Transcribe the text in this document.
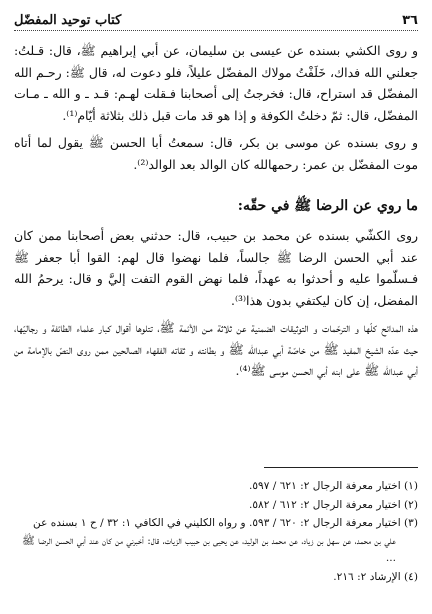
٣٦
كتاب توحيد المفضّل

و روى الكشي بسنده عن عيسى بن سليمان، عن أبي إبراهيم ﷺ، قال: قـلتُ: جعلني الله فداك، خَلَفْتُ مولاك المفضّل عليلاً، فلو دعوت له، قال ﷺ: رحـم الله المفضّل قد استراح، قال: فخرجتُ إلى أصحابنا فـقلت لهـم: قـد ـ و الله ـ مـات المفضّل، قال: ثمّ دخلتُ الكوفة و إذا هو قد مات قبل ذلك بثلاثة أيّام⁽¹⁾.

و روى بسنده عن موسى بن بكر، قال: سمعتُ أبا الحسن ﷺ يقول لما أتاه موت المفضّل بن عمر: رحمهالله كان الوالد بعد الوالد⁽²⁾.

ما روي عن الرضا ﷺ في حقّه:

روى الكشّي بسنده عن محمد بن حبيب، قال: حدثني بعض أصحابنا ممن كان عند أبي الحسن الرضا ﷺ جالساً، فلما نهضوا قال لهم: القوا أبا جعفر ﷺ فـسلّموا عليه و أحدثوا به عهداً، فلما نهض القوم التفت إليَّ و قال: يرحمُ الله المفضل، إن كان ليكتفي بدون هذا⁽³⁾.

هذه المدائح كلّها و الترحّمات و التوثيقات الضمنية عن ثلاثة مـن الأئمة ﷺ، تتلوها أقوال كبار علماء الطائفة و رجاليّها، حيث عدّه الشيخ المفيد ﷺ من خاصّة أبي عبدالله ﷺ و بطانته و ثقاته الفقهاء الصالحين ممن روى النصّ بالإمامة من أبي عبدالله ﷺ على ابنه أبي الحسن موسى ﷺ⁽⁴⁾.

(١) اختيار معرفة الرجال ٢: ٦٢١ / ٥٩٧.
(٢) اختيار معرفة الرجال ٢: ٦١٢ / ٥٨٢.
(٣) اختيار معرفة الرجال ٢: ٦٢٠ / ٥٩٣. و رواه الكليني في الكافي ١: ٣٢ / ح ١ بسنده عن
علي بن محمد، عن سهل بن زياد، عن محمد بن الوليد، عن يحيى بن حبيب الزيات، قال: أخبرني من كان عند أبي الحسن الرضا ﷺ ...
(٤) الإرشاد ٢: ٢١٦.
